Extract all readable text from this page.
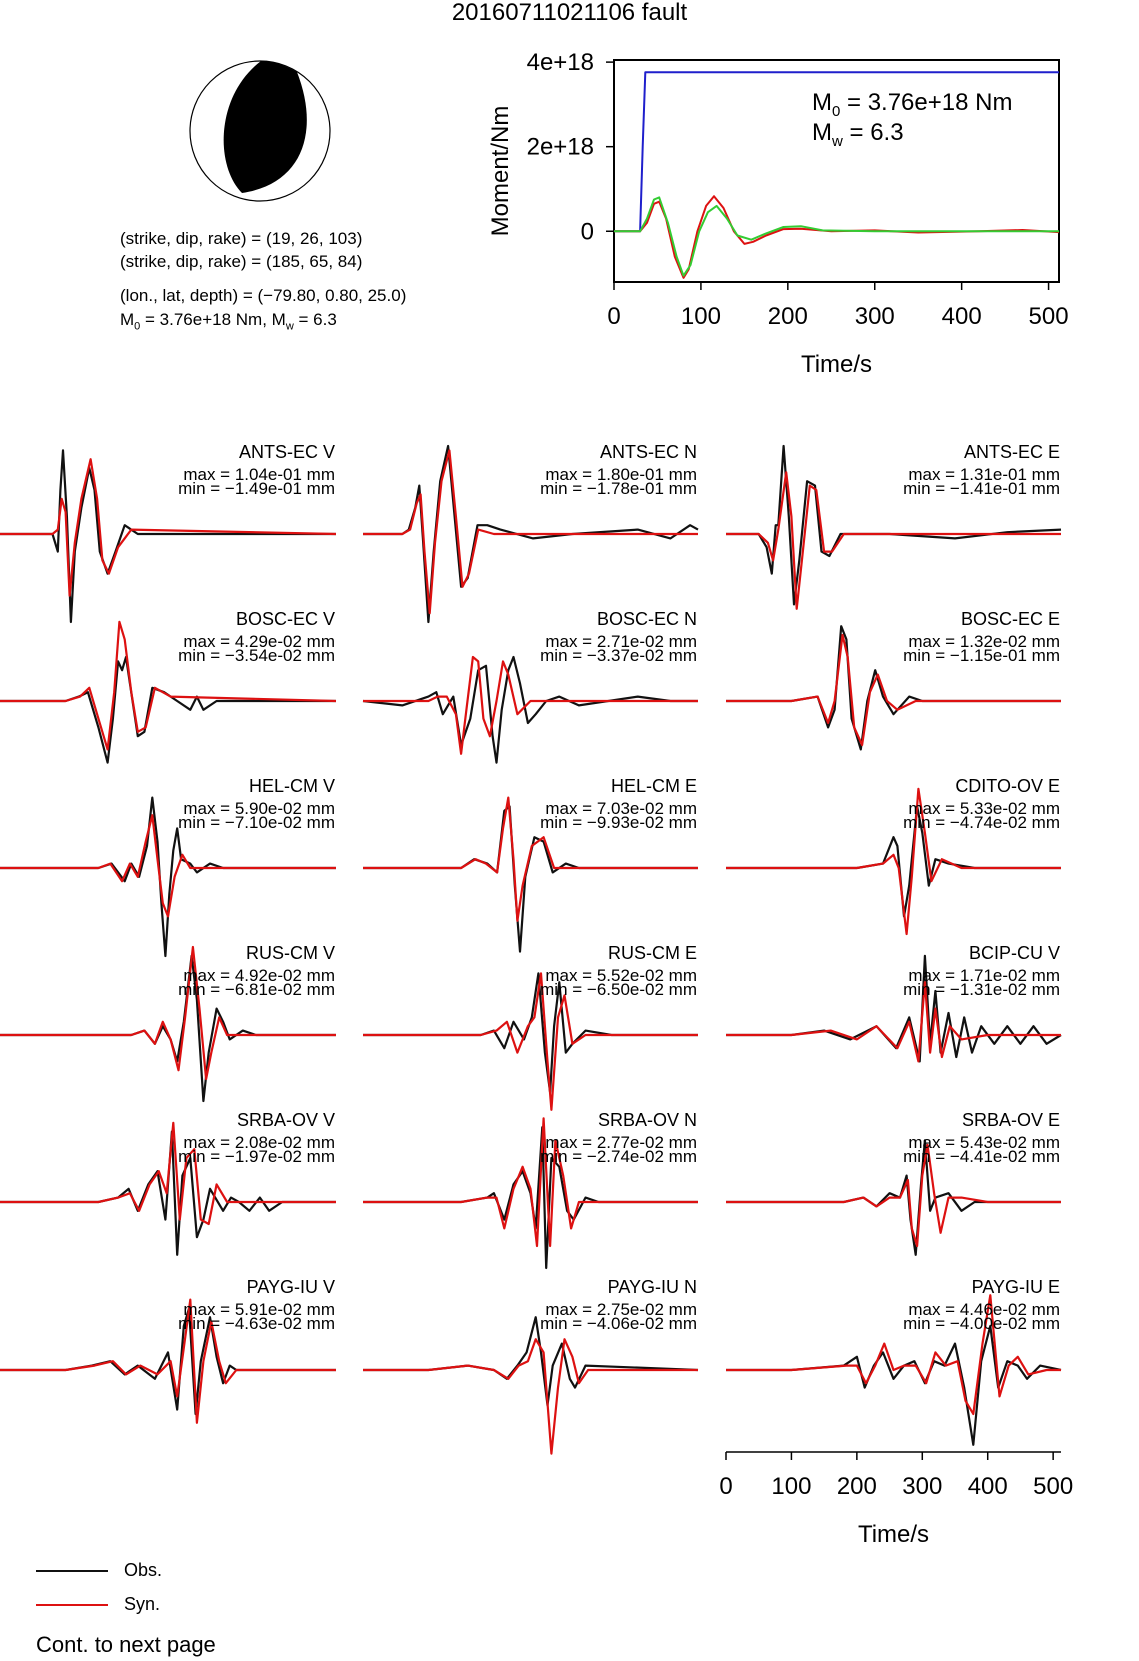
20160711021106 fault
(strike, dip, rake) = (19, 26, 103)
(strike, dip, rake) = (185, 65, 84)
(lon., lat, depth) = (−79.80, 0.80, 25.0)
$M_0 = 3.76e+18$ Nm, $M_w = 6.3$	0	100 200 300 400 500
4e+18
2e+18
0
Time/s
Moment/Nm
$M_0 = 3.76e+18$ Nm
$M_w = 6.3$
ANTS-EC V
max = 1.04e-01 mm
min = −1.49e-01 mm
ANTS-EC N
max = 1.80e-01 mm
min = −1.78e-01 mm
ANTS-EC E
max = 1.31e-01 mm
min = −1.41e-01 mm
BOSC-EC V
max = 4.29e-02 mm
min = −3.54e-02 mm
BOSC-EC N
max = 2.71e-02 mm
min = −3.37e-02 mm
BOSC-EC E
max = 1.32e-02 mm
min = −1.15e-01 mm
HEL-CM V
max = 5.90e-02 mm
min = −7.10e-02 mm
HEL-CM E
max = 7.03e-02 mm
min = −9.93e-02 mm
CDITO-OV E
max = 5.33e-02 mm
min = −4.74e-02 mm
RUS-CM V
max = 4.92e-02 mm
min = −6.81e-02 mm
RUS-CM E
max = 5.52e-02 mm
min = −6.50e-02 mm
BCIP-CU V
max = 1.71e-02 mm
min = −1.31e-02 mm
SRBA-OV V
max = 2.08e-02 mm
min = −1.97e-02 mm
SRBA-OV N
max = 2.77e-02 mm
min = −2.74e-02 mm
SRBA-OV E
max = 5.43e-02 mm
min = −4.41e-02 mm
PAYG-IU V
max = 5.91e-02 mm
min = −4.63e-02 mm
PAYG-IU N
max = 2.75e-02 mm
min = −4.06e-02 mm
PAYG-IU E
max = 4.46e-02 mm
min = −4.00e-02 mm
0 100 200 300 400 500
Time/s
Obs.
Syn.
Cont. to next page
